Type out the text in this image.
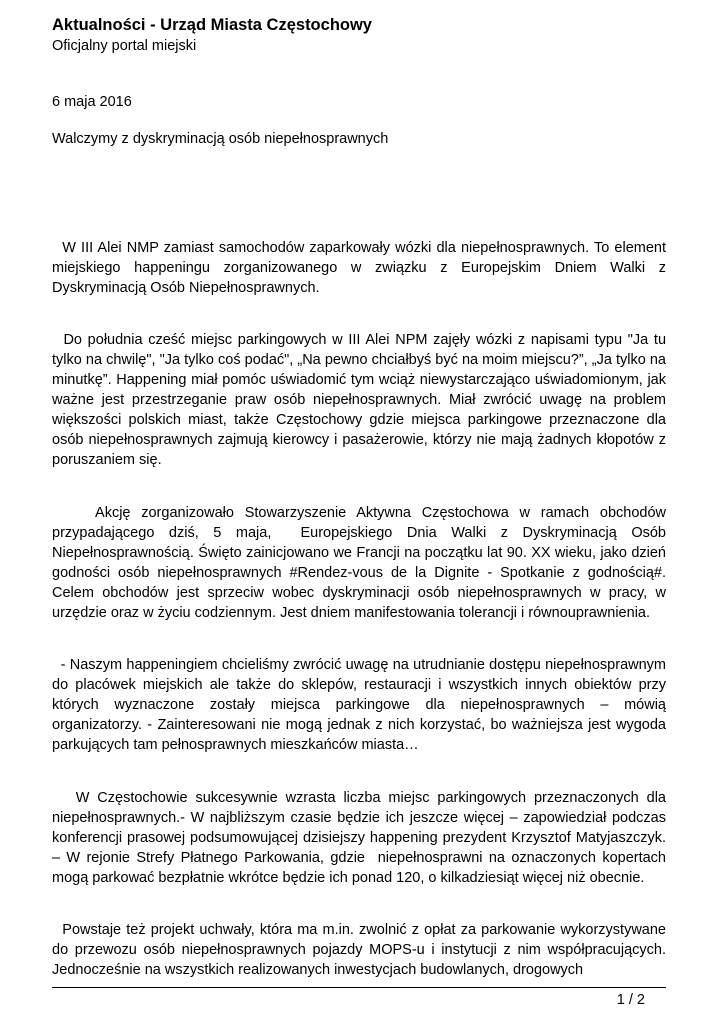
Aktualności - Urząd Miasta Częstochowy

Oficjalny portal miejski

6 maja 2016
Walczymy z dyskryminacją osób niepełnosprawnych

W III Alei NMP zamiast samochodów zaparkowały wózki dla niepełnosprawnych. To element miejskiego happeningu zorganizowanego w związku z Europejskim Dniem Walki z Dyskryminacją Osób Niepełnosprawnych.

Do południa cześć miejsc parkingowych w III Alei NPM zajęły wózki z napisami typu "Ja tu tylko na chwilę", "Ja tylko coś podać", „Na pewno chciałbyś być na moim miejscu?”, „Ja tylko na minutkę”. Happening miał pomóc uświadomić tym wciąż niewystarczająco uświadomionym, jak ważne jest przestrzeganie praw osób niepełnosprawnych. Miał zwrócić uwagę na problem większości polskich miast, także Częstochowy gdzie miejsca parkingowe przeznaczone dla osób niepełnosprawnych zajmują kierowcy i pasażerowie, którzy nie mają żadnych kłopotów z poruszaniem się.

Akcję zorganizowało Stowarzyszenie Aktywna Częstochowa w ramach obchodów przypadającego dziś, 5 maja,  Europejskiego Dnia Walki z Dyskryminacją Osób Niepełnosprawnością. Święto zainicjowano we Francji na początku lat 90. XX wieku, jako dzień godności osób niepełnosprawnych #Rendez-vous de la Dignite - Spotkanie z godnością#. Celem obchodów jest sprzeciw wobec dyskryminacji osób niepełnosprawnych w pracy, w urzędzie oraz w życiu codziennym. Jest dniem manifestowania tolerancji i równouprawnienia.

- Naszym happeningiem chcieliśmy zwrócić uwagę na utrudnianie dostępu niepełnosprawnym do placówek miejskich ale także do sklepów, restauracji i wszystkich innych obiektów przy których wyznaczone zostały miejsca parkingowe dla niepełnosprawnych – mówią organizatorzy. - Zainteresowani nie mogą jednak z nich korzystać, bo ważniejsza jest wygoda parkujących tam pełnosprawnych mieszkańców miasta…

W Częstochowie sukcesywnie wzrasta liczba miejsc parkingowych przeznaczonych dla niepełnosprawnych.- W najbliższym czasie będzie ich jeszcze więcej – zapowiedział podczas konferencji prasowej podsumowującej dzisiejszy happening prezydent Krzysztof Matyjaszczyk. – W rejonie Strefy Płatnego Parkowania, gdzie  niepełnosprawni na oznaczonych kopertach mogą parkować bezpłatnie wkrótce będzie ich ponad 120, o kilkadziesiąt więcej niż obecnie.

Powstaje też projekt uchwały, która ma m.in. zwolnić z opłat za parkowanie wykorzystywane do przewozu osób niepełnosprawnych pojazdy MOPS-u i instytucji z nim współpracujących. Jednocześnie na wszystkich realizowanych inwestycjach budowlanych, drogowych

1 / 2
